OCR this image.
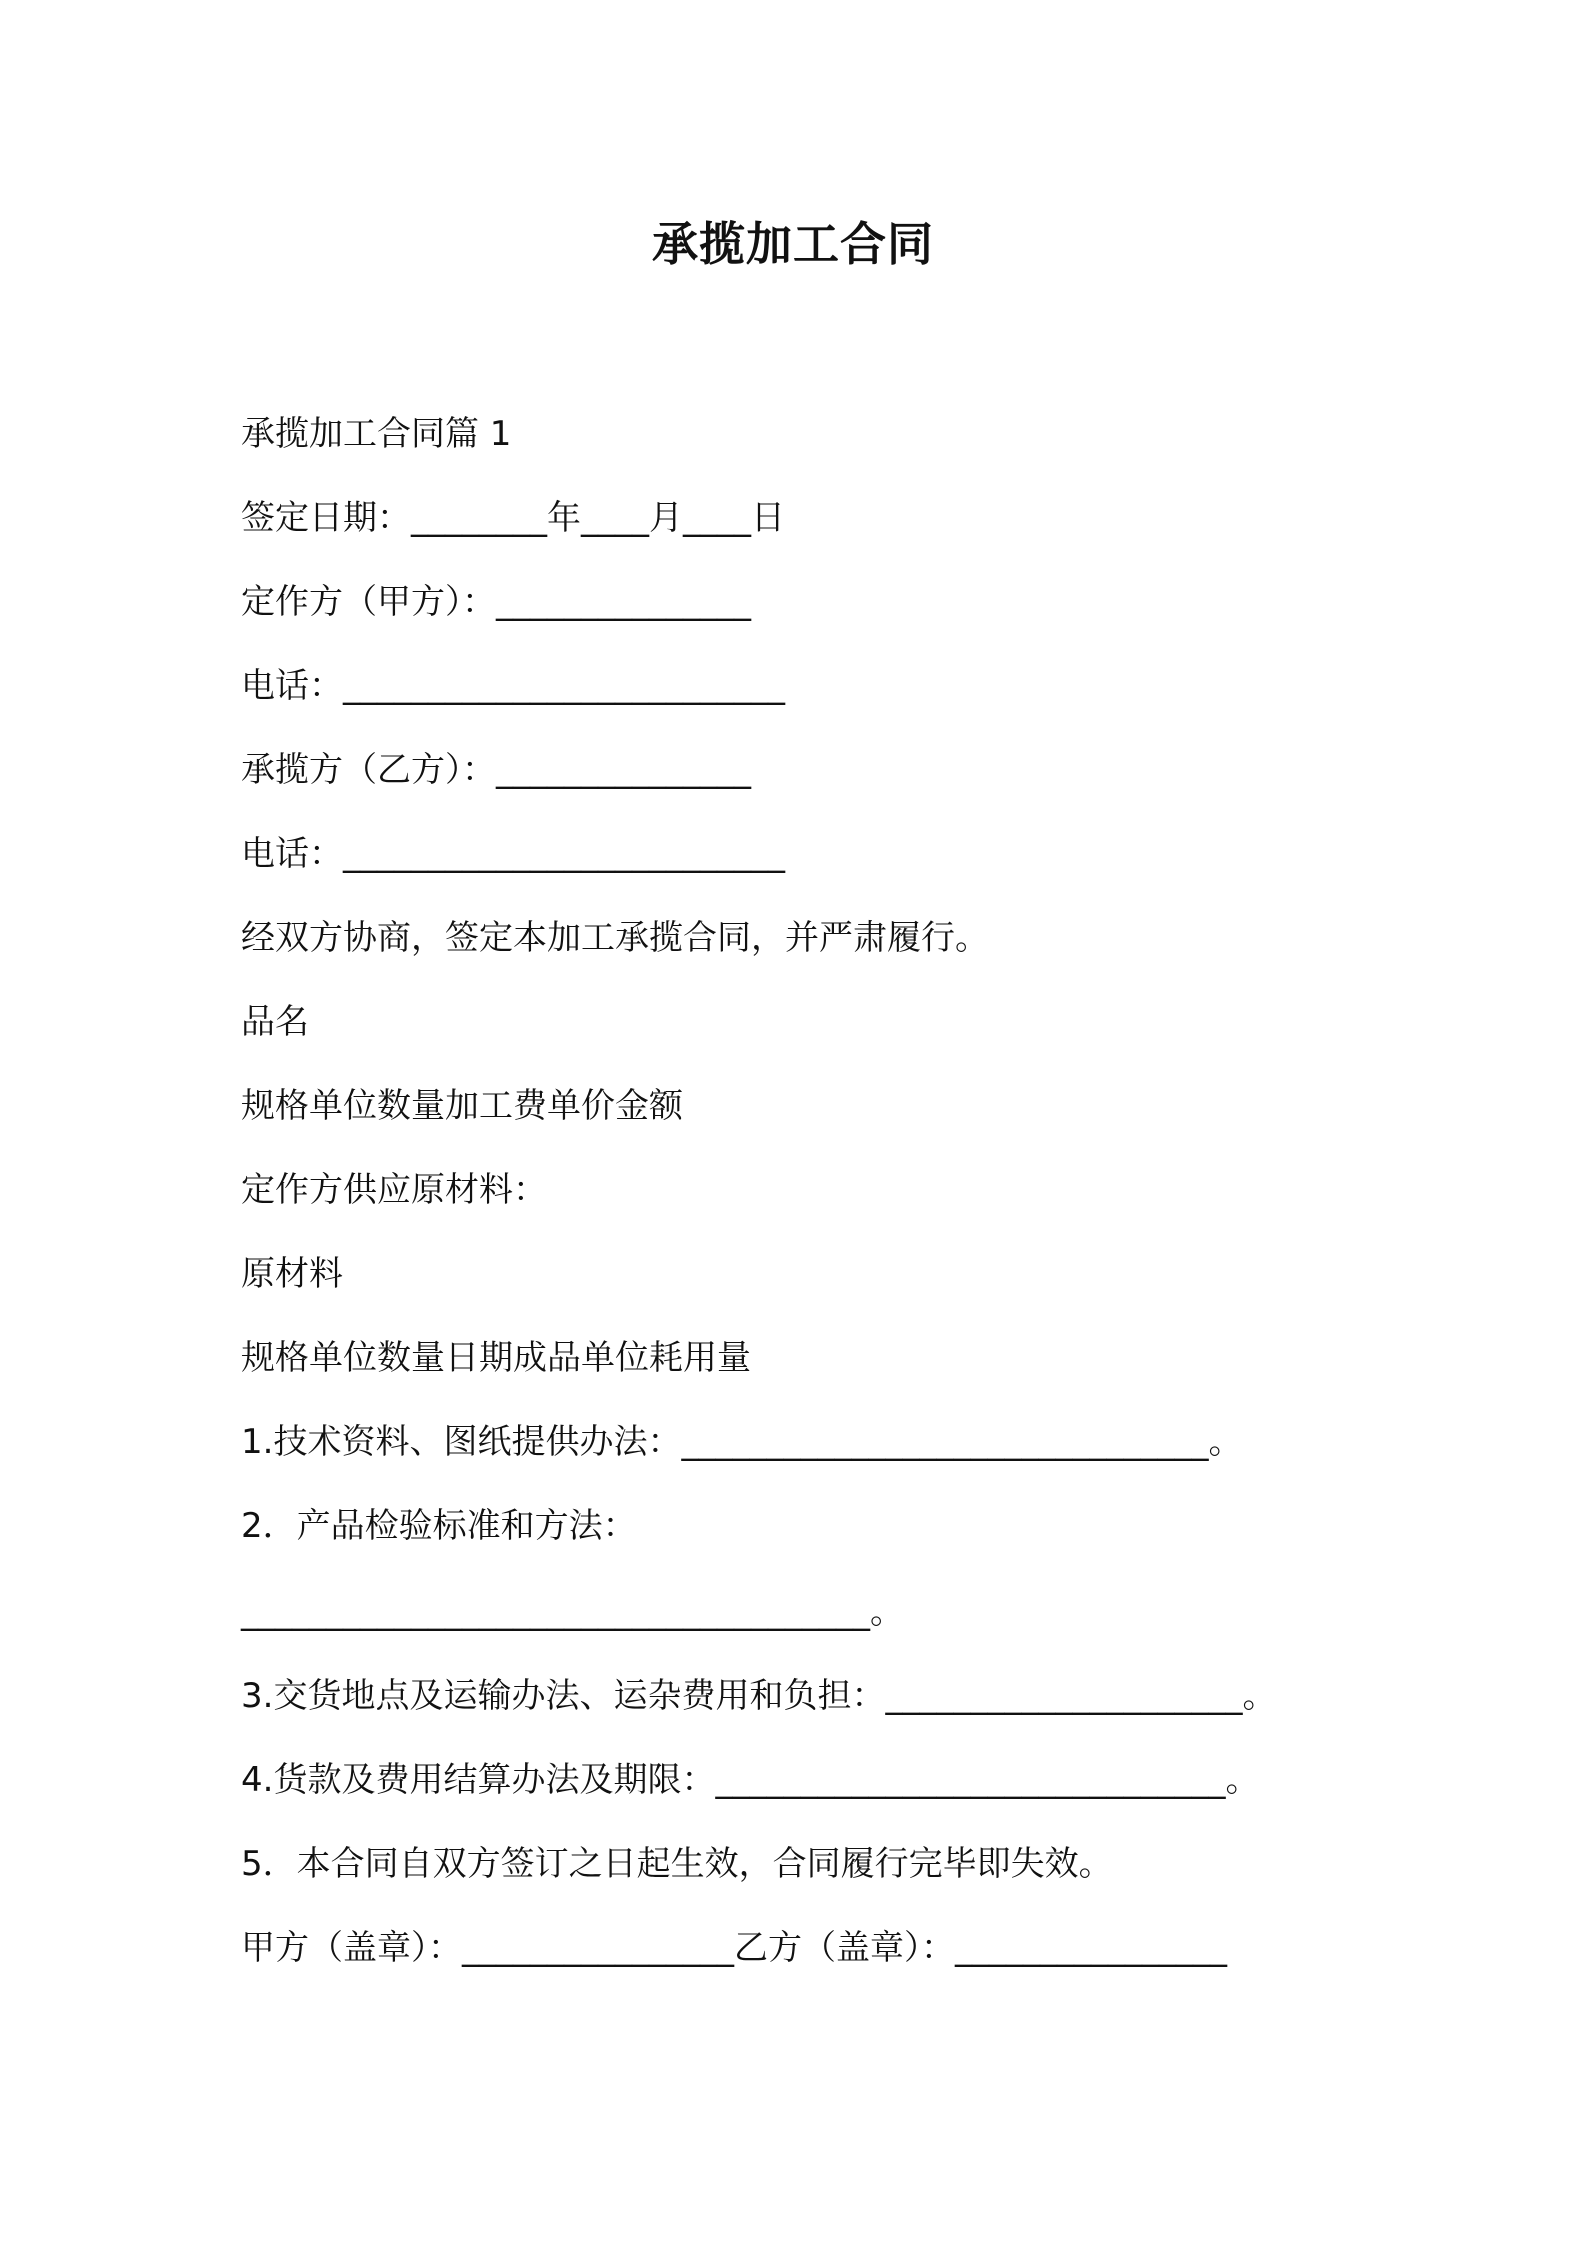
承揽加工合同
承揽加工合同篇 1
签定日期：________年____月____日
定作方（甲方）：_______________
电话：__________________________
承揽方（乙方）：_______________
电话：__________________________
经双方协商，签定本加工承揽合同，并严肃履行。
品名
规格单位数量加工费单价金额
定作方供应原材料：
原材料
规格单位数量日期成品单位耗用量
1.技术资料、图纸提供办法：_______________________________。
2．产品检验标准和方法：
_____________________________________。
3.交货地点及运输办法、运杂费用和负担：_____________________。
4.货款及费用结算办法及期限：______________________________。
5．本合同自双方签订之日起生效，合同履行完毕即失效。
甲方（盖章）：________________乙方（盖章）：________________
